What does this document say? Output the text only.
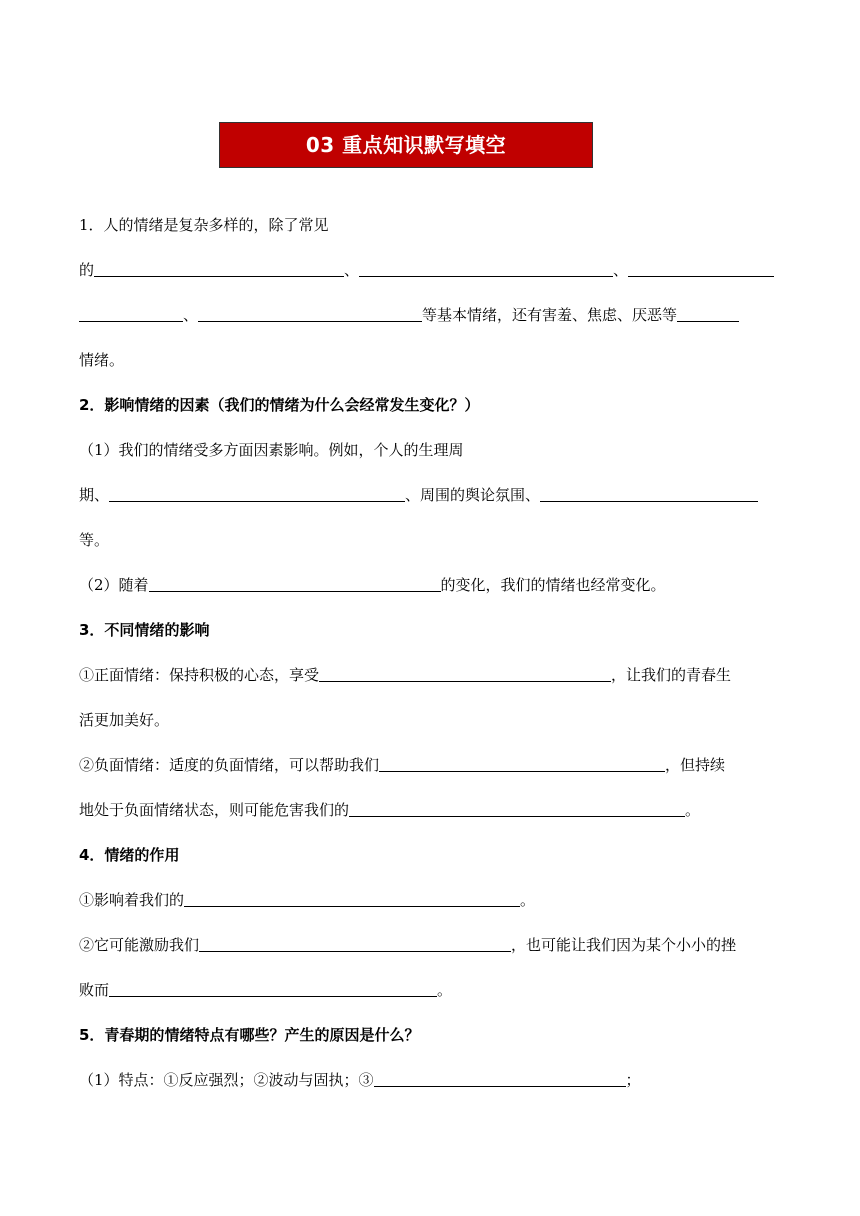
03 重点知识默写填空
1．人的情绪是复杂多样的，除了常见
的	、	、
、	等基本情绪，还有害羞、焦虑、厌恶等
情绪。
2．影响情绪的因素（我们的情绪为什么会经常发生变化？）
（1）我们的情绪受多方面因素影响。例如，个人的生理周
期、	、周围的舆论氛围、
等。
（2）随着	的变化，我们的情绪也经常变化。
3．不同情绪的影响
①正面情绪：保持积极的心态，享受	，让我们的青春生
活更加美好。
②负面情绪：适度的负面情绪，可以帮助我们	，但持续
地处于负面情绪状态，则可能危害我们的	。
4．情绪的作用
①影响着我们的	。
②它可能激励我们	，也可能让我们因为某个小小的挫
败而	。
5．青春期的情绪特点有哪些？产生的原因是什么？
（1）特点：①反应强烈；②波动与固执；③	；
